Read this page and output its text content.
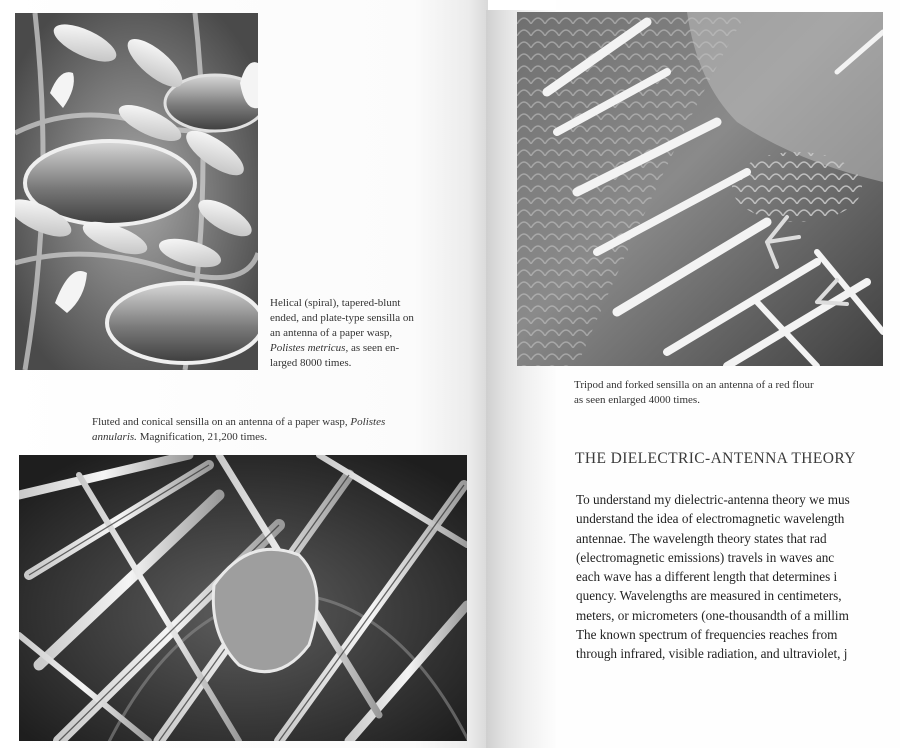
Helical (spiral), tapered-blunt
ended, and plate-type sensilla on
an antenna of a paper wasp,
Polistes metricus, as seen en-
larged 8000 times.

Fluted and conical sensilla on an antenna of a paper wasp, Polistes
annularis. Magnification, 21,200 times.

Tripod and forked sensilla on an antenna of a red flour
as seen enlarged 4000 times.

THE DIELECTRIC-ANTENNA THEORY
To understand my dielectric-antenna theory we mus
understand the idea of electromagnetic wavelength
antennae. The wavelength theory states that rad
(electromagnetic emissions) travels in waves anc
each wave has a different length that determines i
quency. Wavelengths are measured in centimeters,
meters, or micrometers (one-thousandth of a millim
The known spectrum of frequencies reaches from
through infrared, visible radiation, and ultraviolet, j
